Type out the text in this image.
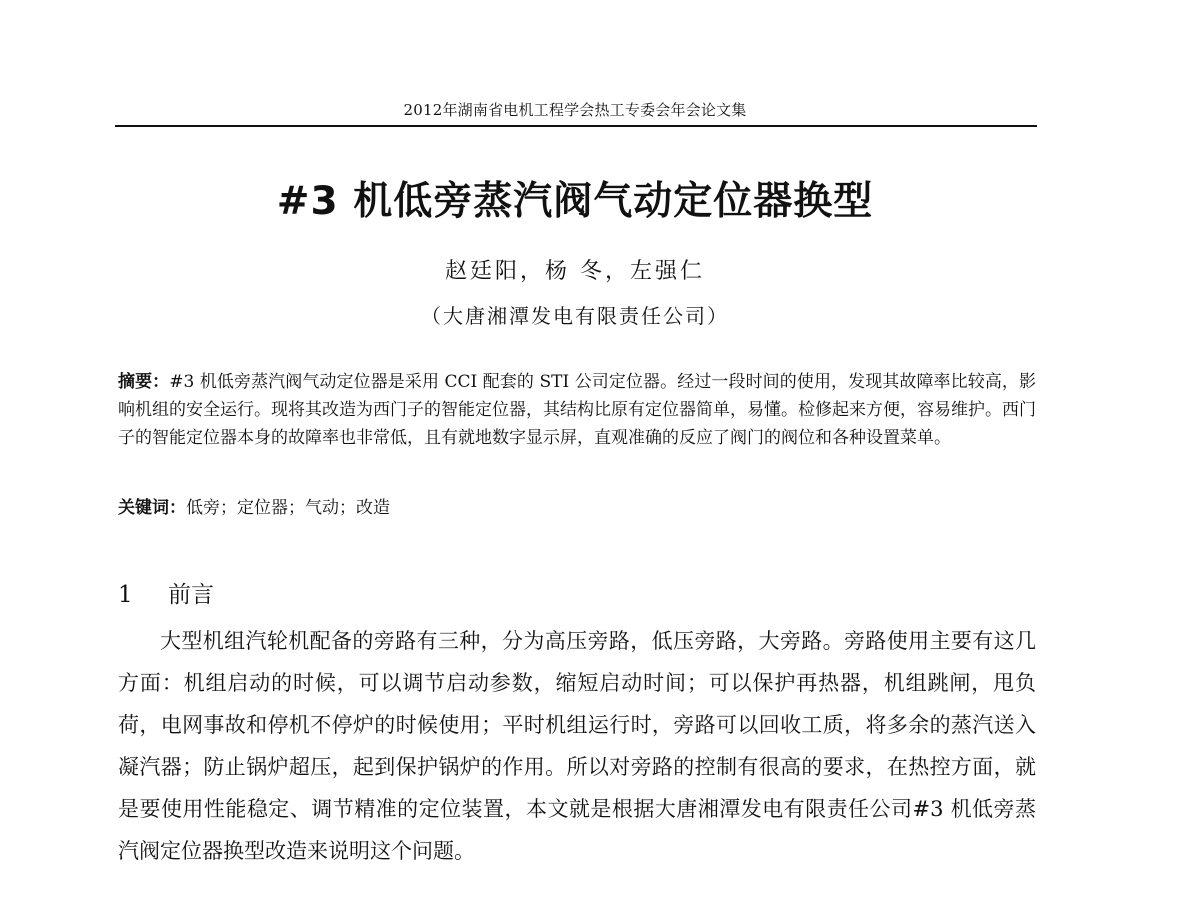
2012年湖南省电机工程学会热工专委会年会论文集
#3 机低旁蒸汽阀气动定位器换型
赵廷阳，杨 冬，左强仁
（大唐湘潭发电有限责任公司）
摘要：#3 机低旁蒸汽阀气动定位器是采用 CCI 配套的 STI 公司定位器。经过一段时间的使用，发现其故障率比较高，影响机组的安全运行。现将其改造为西门子的智能定位器，其结构比原有定位器简单，易懂。检修起来方便，容易维护。西门子的智能定位器本身的故障率也非常低，且有就地数字显示屏，直观准确的反应了阀门的阀位和各种设置菜单。
关键词：低旁；定位器；气动；改造
1 前言
大型机组汽轮机配备的旁路有三种，分为高压旁路，低压旁路，大旁路。旁路使用主要有这几方面：机组启动的时候，可以调节启动参数，缩短启动时间；可以保护再热器，机组跳闸，甩负荷，电网事故和停机不停炉的时候使用；平时机组运行时，旁路可以回收工质，将多余的蒸汽送入凝汽器；防止锅炉超压，起到保护锅炉的作用。所以对旁路的控制有很高的要求，在热控方面，就是要使用性能稳定、调节精准的定位装置，本文就是根据大唐湘潭发电有限责任公司#3 机低旁蒸汽阀定位器换型改造来说明这个问题。
